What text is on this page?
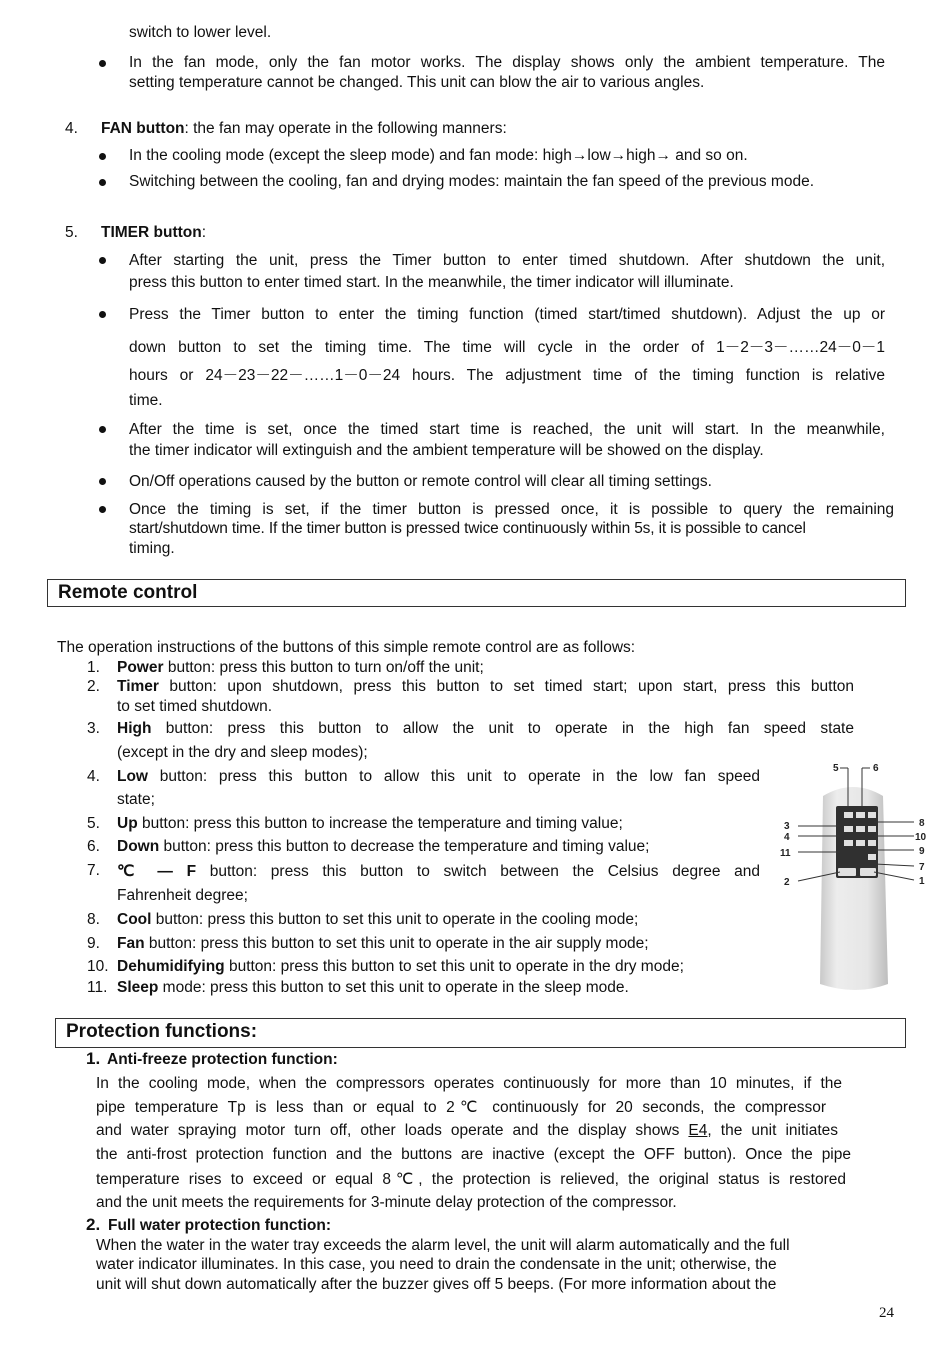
switch to lower level.
In the fan mode, only the fan motor works. The display shows only the ambient temperature. The
setting temperature cannot be changed. This unit can blow the air to various angles.
4. FAN button: the fan may operate in the following manners:
In the cooling mode (except the sleep mode) and fan mode: high→low→high→ and so on.
Switching between the cooling, fan and drying modes: maintain the fan speed of the previous mode.
5. TIMER button:
After starting the unit, press the Timer button to enter timed shutdown. After shutdown the unit,
press this button to enter timed start. In the meanwhile, the timer indicator will illuminate.
Press the Timer button to enter the timing function (timed start/timed shutdown). Adjust the up or
down button to set the timing time. The time will cycle in the order of 1－2－3－……24－0－1
hours or 24－23－22－……1－0－24 hours. The adjustment time of the timing function is relative
time.
After the time is set, once the timed start time is reached, the unit will start. In the meanwhile,
the timer indicator will extinguish and the ambient temperature will be showed on the display.
On/Off operations caused by the button or remote control will clear all timing settings.
Once the timing is set, if the timer button is pressed once, it is possible to query the remaining
start/shutdown time. If the timer button is pressed twice continuously within 5s, it is possible to cancel
timing.
Remote control
The operation instructions of the buttons of this simple remote control are as follows:
1. Power button: press this button to turn on/off the unit;
2. Timer button: upon shutdown, press this button to set timed start; upon start, press this button
to set timed shutdown.
3. High button: press this button to allow the unit to operate in the high fan speed state
(except in the dry and sleep modes);
4. Low button: press this button to allow this unit to operate in the low fan speed
state;
5. Up button: press this button to increase the temperature and timing value;
6. Down button: press this button to decrease the temperature and timing value;
7. ℃ — F button: press this button to switch between the Celsius degree and
Fahrenheit degree;
8. Cool button: press this button to set this unit to operate in the cooling mode;
9. Fan button: press this button to set this unit to operate in the air supply mode;
10. Dehumidifying button: press this button to set this unit to operate in the dry mode;
11. Sleep mode: press this button to set this unit to operate in the sleep mode.
5	6
3
4
11
2
8
10
9
7
1
Protection functions:
1. Anti-freeze protection function:
In the cooling mode, when the compressors operates continuously for more than 10 minutes, if the
pipe temperature Tp is less than or equal to 2℃ continuously for 20 seconds, the compressor
and water spraying motor turn off, other loads operate and the display shows E4, the unit initiates
the anti-frost protection function and the buttons are inactive (except the OFF button). Once the pipe
temperature rises to exceed or equal 8℃, the protection is relieved, the original status is restored
and the unit meets the requirements for 3-minute delay protection of the compressor.
2. Full water protection function:
When the water in the water tray exceeds the alarm level, the unit will alarm automatically and the full
water indicator illuminates. In this case, you need to drain the condensate in the unit; otherwise, the
unit will shut down automatically after the buzzer gives off 5 beeps. (For more information about the
24
